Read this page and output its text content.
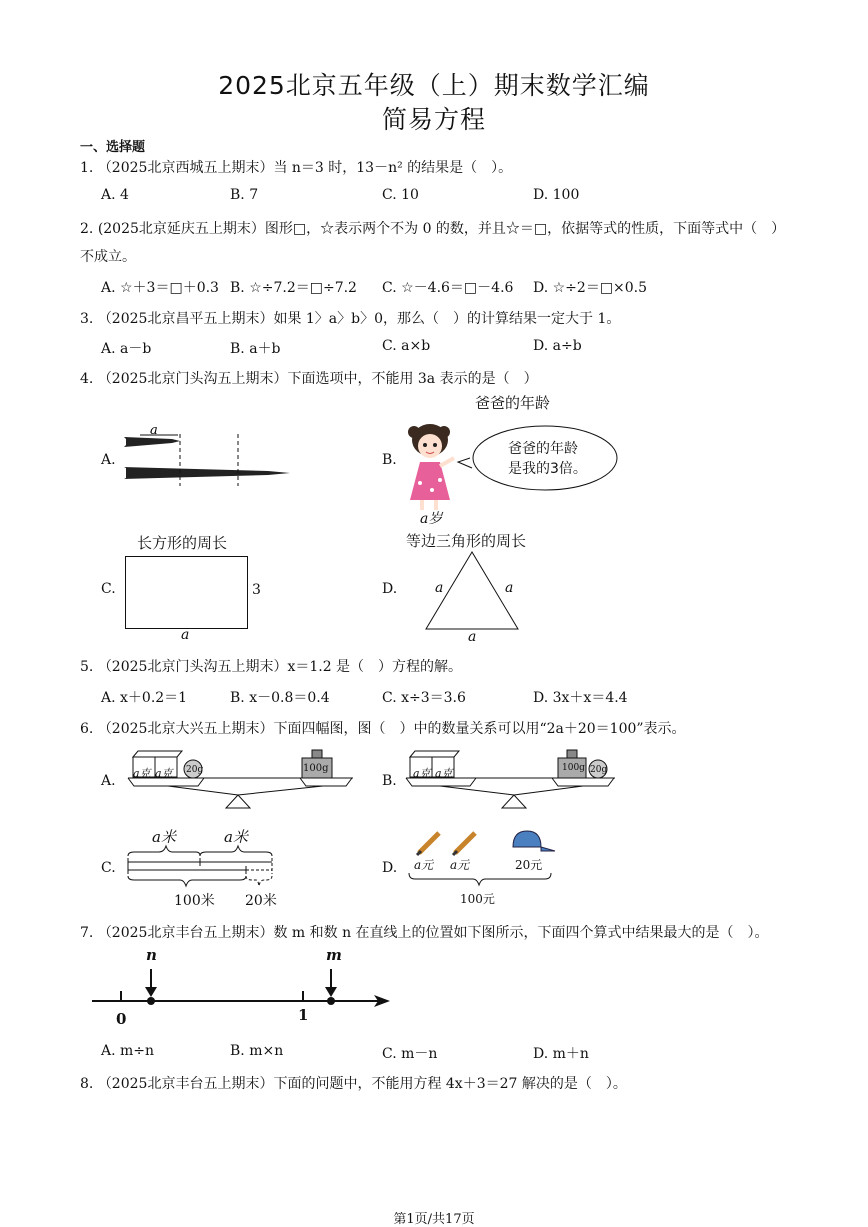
2025北京五年级（上）期末数学汇编
简易方程
一、选择题
1. （2025北京西城五上期末）当 n＝3 时，13－n² 的结果是（　）。
A. 4	B. 7	C. 10	D. 100
2. (2025北京延庆五上期末）图形□，☆表示两个不为 0 的数，并且☆＝□，依据等式的性质，下面等式中（　）
不成立。
A. ☆＋3＝□＋0.3 B. ☆÷7.2＝□÷7.2 C. ☆－4.6＝□－4.6 D. ☆÷2＝□×0.5
3. （2025北京昌平五上期末）如果 1〉a〉b〉0，那么（　）的计算结果一定大于 1。
A. a－b	B. a＋b	C. a×b	D. a÷b
4. （2025北京门头沟五上期末）下面选项中，不能用 3a 表示的是（　）
A.
a
B.
爸爸的年龄
爸爸的年龄
是我的3倍。
a岁
C.
长方形的周长
3
a
D.
等边三角形的周长
a	a
a
5. （2025北京门头沟五上期末）x＝1.2 是（　）方程的解。
A. x＋0.2＝1	B. x－0.8＝0.4	C. x÷3＝3.6	D. 3x＋x＝4.4
6. （2025北京大兴五上期末）下面四幅图，图（　）中的数量关系可以用“2a＋20＝100”表示。
A. a克 a克 20g	100g
B. a克 a克	100g 20g
C.
a米	a米
100米 20米
D. a元 a元	20元
100元
7. （2025北京丰台五上期末）数 m 和数 n 在直线上的位置如下图所示，下面四个算式中结果最大的是（　）。
n	m
0	1
A. m÷n	B. m×n	C. m－n	D. m＋n
8. （2025北京丰台五上期末）下面的问题中，不能用方程 4x＋3＝27 解决的是（　）。
第1页/共17页
